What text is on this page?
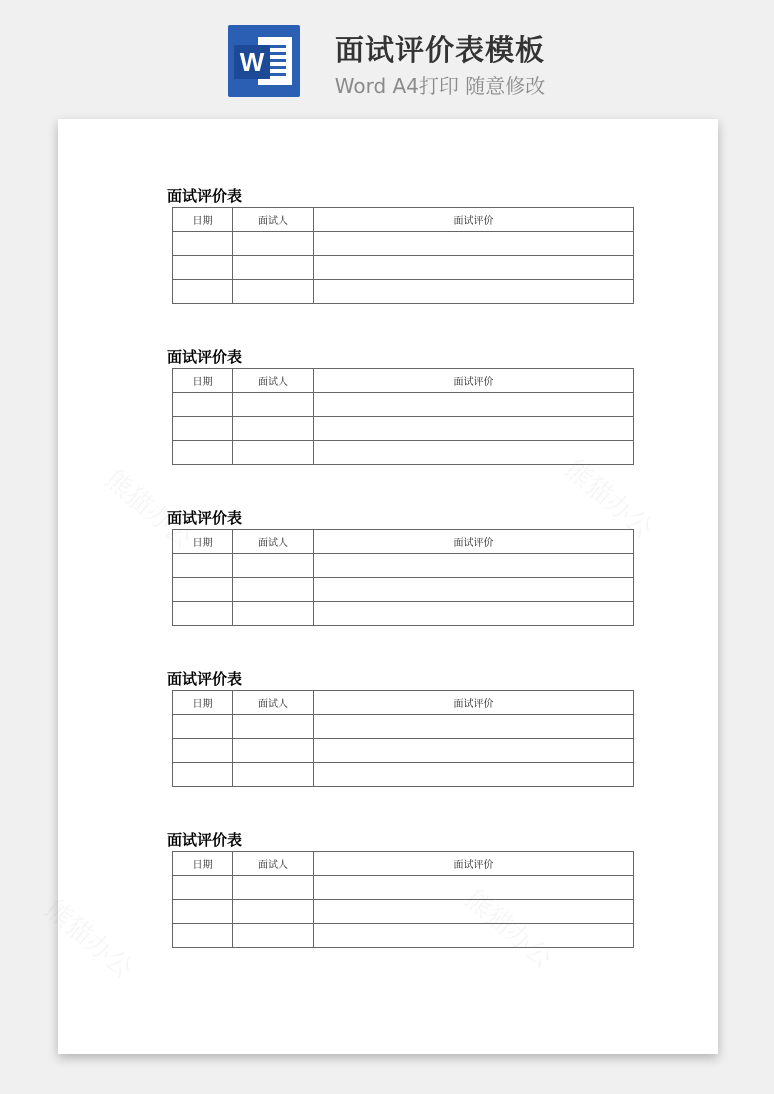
W	面试评价表模板
Word A4打印 随意修改
面试评价表
日期	面试人	面试评价

面试评价表
日期	面试人	面试评价

面试评价表
日期	面试人	面试评价

面试评价表
日期	面试人	面试评价

面试评价表
日期	面试人	面试评价
